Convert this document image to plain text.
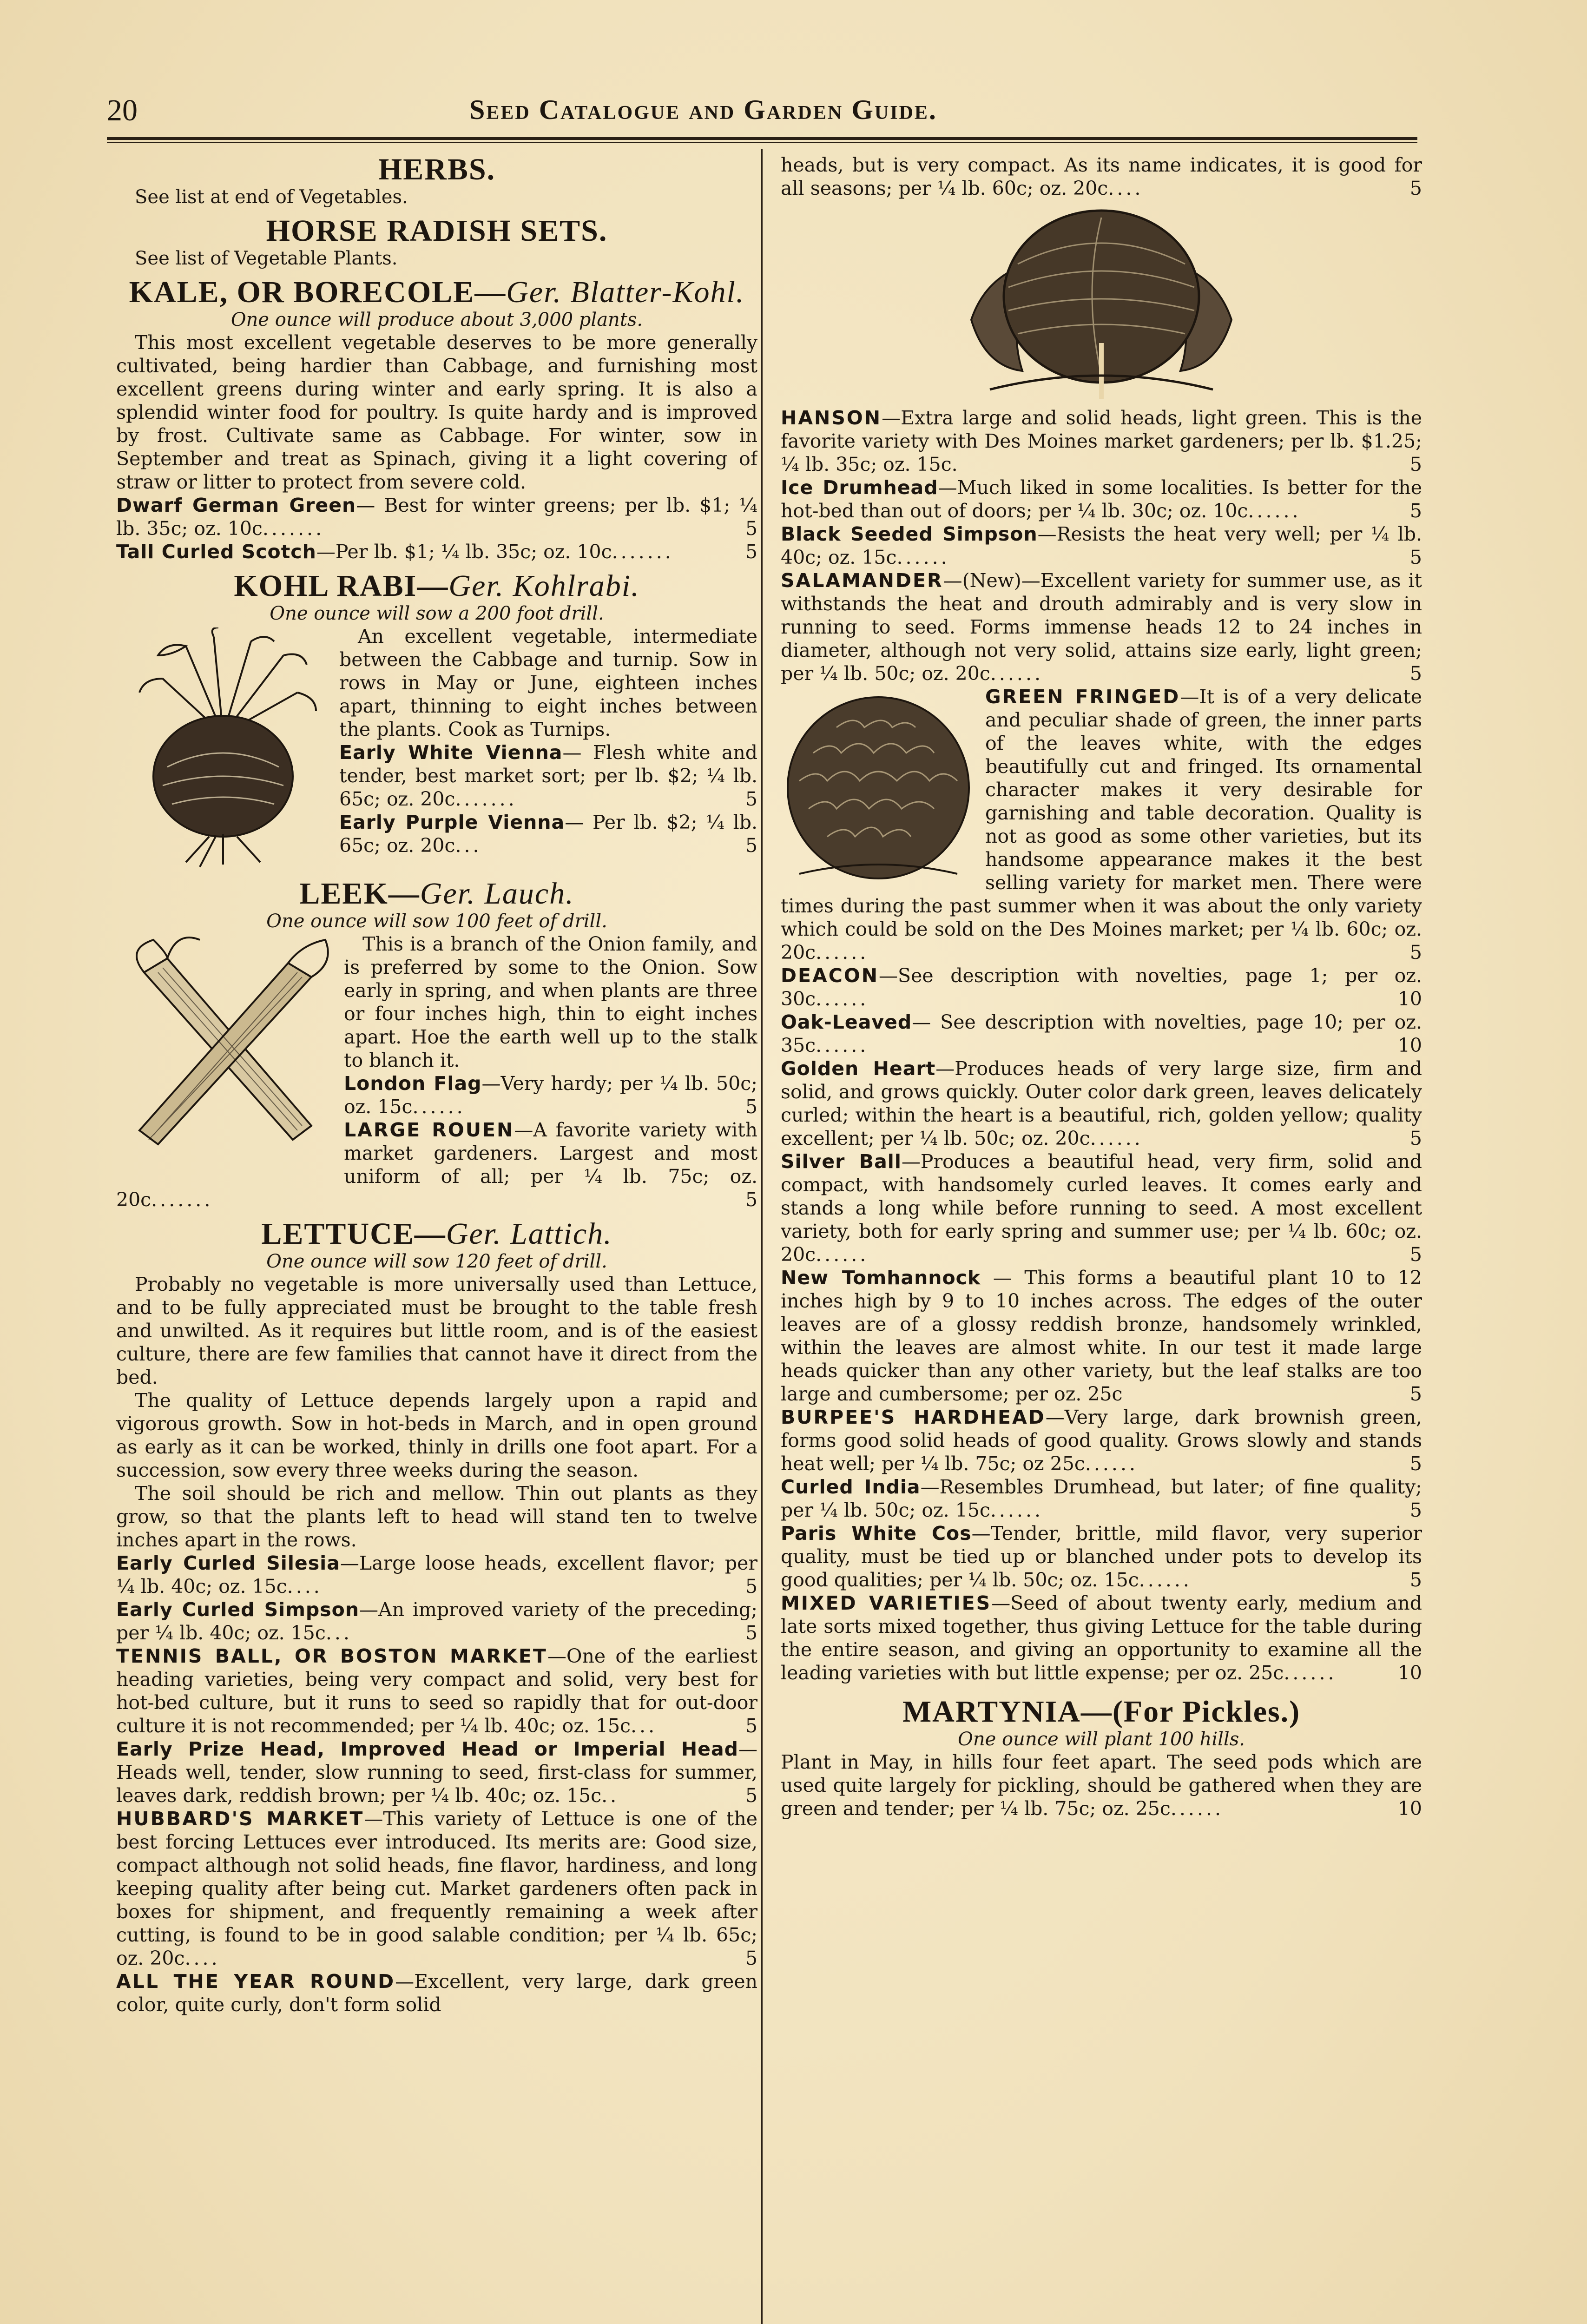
20	Seed Catalogue and Garden Guide.

HERBS.

See list at end of Vegetables.

HORSE RADISH SETS.

See list of Vegetable Plants.

KALE, OR BORECOLE—Ger. Blatter-Kohl.

One ounce will produce about 3,000 plants.

This most excellent vegetable deserves to be more generally cultivated, being hardier than Cabbage, and furnishing most excellent greens during winter and early spring. It is also a splendid winter food for poultry. Is quite hardy and is improved by frost. Cultivate same as Cabbage. For winter, sow in September and treat as Spinach, giving it a light covering of straw or litter to protect from severe cold.

Dwarf German Green— Best for winter greens; per lb. $1; ¼ lb. 35c; oz. 10c.......	5

Tall Curled Scotch—Per lb. $1; ¼ lb. 35c; oz. 10c.......	5

KOHL RABI—Ger. Kohlrabi.

One ounce will sow a 200 foot drill.

An excellent vegetable, intermediate between the Cabbage and turnip. Sow in rows in May or June, eighteen inches apart, thinning to eight inches between the plants. Cook as Turnips.

Early White Vienna— Flesh white and tender, best market sort; per lb. $2; ¼ lb. 65c; oz. 20c.......	5

Early Purple Vienna— Per lb. $2; ¼ lb. 65c; oz. 20c...	5

LEEK—Ger. Lauch.

One ounce will sow 100 feet of drill.

This is a branch of the Onion family, and is preferred by some to the Onion. Sow early in spring, and when plants are three or four inches high, thin to eight inches apart. Hoe the earth well up to the stalk to blanch it.

London Flag—Very hardy; per ¼ lb. 50c; oz. 15c......	5

LARGE ROUEN—A favorite variety with market gardeners. Largest and most uniform of all; per ¼ lb. 75c; oz. 20c.......	5

LETTUCE—Ger. Lattich.

One ounce will sow 120 feet of drill.

Probably no vegetable is more universally used than Lettuce, and to be fully appreciated must be brought to the table fresh and unwilted. As it requires but little room, and is of the easiest culture, there are few families that cannot have it direct from the bed.

The quality of Lettuce depends largely upon a rapid and vigorous growth. Sow in hot-beds in March, and in open ground as early as it can be worked, thinly in drills one foot apart. For a succession, sow every three weeks during the season.

The soil should be rich and mellow. Thin out plants as they grow, so that the plants left to head will stand ten to twelve inches apart in the rows.

Early Curled Silesia—Large loose heads, excellent flavor; per ¼ lb. 40c; oz. 15c....	5

Early Curled Simpson—An improved variety of the preceding; per ¼ lb. 40c; oz. 15c...	5

TENNIS BALL, OR BOSTON MARKET—One of the earliest heading varieties, being very compact and solid, very best for hot-bed culture, but it runs to seed so rapidly that for out-door culture it is not recommended; per ¼ lb. 40c; oz. 15c...	5

Early Prize Head, Improved Head or Imperial Head—Heads well, tender, slow running to seed, first-class for summer, leaves dark, reddish brown; per ¼ lb. 40c; oz. 15c..	5

HUBBARD'S MARKET—This variety of Lettuce is one of the best forcing Lettuces ever introduced. Its merits are: Good size, compact although not solid heads, fine flavor, hardiness, and long keeping quality after being cut. Market gardeners often pack in boxes for shipment, and frequently remaining a week after cutting, is found to be in good salable condition; per ¼ lb. 65c; oz. 20c....	5

ALL THE YEAR ROUND—Excellent, very large, dark green color, quite curly, don't form solid

heads, but is very compact. As its name indicates, it is good for all seasons; per ¼ lb. 60c; oz. 20c....	5

HANSON—Extra large and solid heads, light green. This is the favorite variety with Des Moines market gardeners; per lb. $1.25; ¼ lb. 35c; oz. 15c.	5

Ice Drumhead—Much liked in some localities. Is better for the hot-bed than out of doors; per ¼ lb. 30c; oz. 10c......	5

Black Seeded Simpson—Resists the heat very well; per ¼ lb. 40c; oz. 15c......	5

SALAMANDER—(New)—Excellent variety for summer use, as it withstands the heat and drouth admirably and is very slow in running to seed. Forms immense heads 12 to 24 inches in diameter, although not very solid, attains size early, light green; per ¼ lb. 50c; oz. 20c......	5

GREEN FRINGED—It is of a very delicate and peculiar shade of green, the inner parts of the leaves white, with the edges beautifully cut and fringed. Its ornamental character makes it very desirable for garnishing and table decoration. Quality is not as good as some other varieties, but its handsome appearance makes it the best selling variety for market men. There were times during the past summer when it was about the only variety which could be sold on the Des Moines market; per ¼ lb. 60c; oz. 20c......	5

DEACON—See description with novelties, page 1; per oz. 30c......	10

Oak-Leaved— See description with novelties, page 10; per oz. 35c......	10

Golden Heart—Produces heads of very large size, firm and solid, and grows quickly. Outer color dark green, leaves delicately curled; within the heart is a beautiful, rich, golden yellow; quality excellent; per ¼ lb. 50c; oz. 20c......	5

Silver Ball—Produces a beautiful head, very firm, solid and compact, with handsomely curled leaves. It comes early and stands a long while before running to seed. A most excellent variety, both for early spring and summer use; per ¼ lb. 60c; oz. 20c......	5

New Tomhannock — This forms a beautiful plant 10 to 12 inches high by 9 to 10 inches across. The edges of the outer leaves are of a glossy reddish bronze, handsomely wrinkled, within the leaves are almost white. In our test it made large heads quicker than any other variety, but the leaf stalks are too large and cumbersome; per oz. 25c	5

BURPEE'S HARDHEAD—Very large, dark brownish green, forms good solid heads of good quality. Grows slowly and stands heat well; per ¼ lb. 75c; oz 25c......	5

Curled India—Resembles Drumhead, but later; of fine quality; per ¼ lb. 50c; oz. 15c......	5

Paris White Cos—Tender, brittle, mild flavor, very superior quality, must be tied up or blanched under pots to develop its good qualities; per ¼ lb. 50c; oz. 15c......	5

MIXED VARIETIES—Seed of about twenty early, medium and late sorts mixed together, thus giving Lettuce for the table during the entire season, and giving an opportunity to examine all the leading varieties with but little expense; per oz. 25c......	10

MARTYNIA—(For Pickles.)

One ounce will plant 100 hills.

Plant in May, in hills four feet apart. The seed pods which are used quite largely for pickling, should be gathered when they are green and tender; per ¼ lb. 75c; oz. 25c......	10
